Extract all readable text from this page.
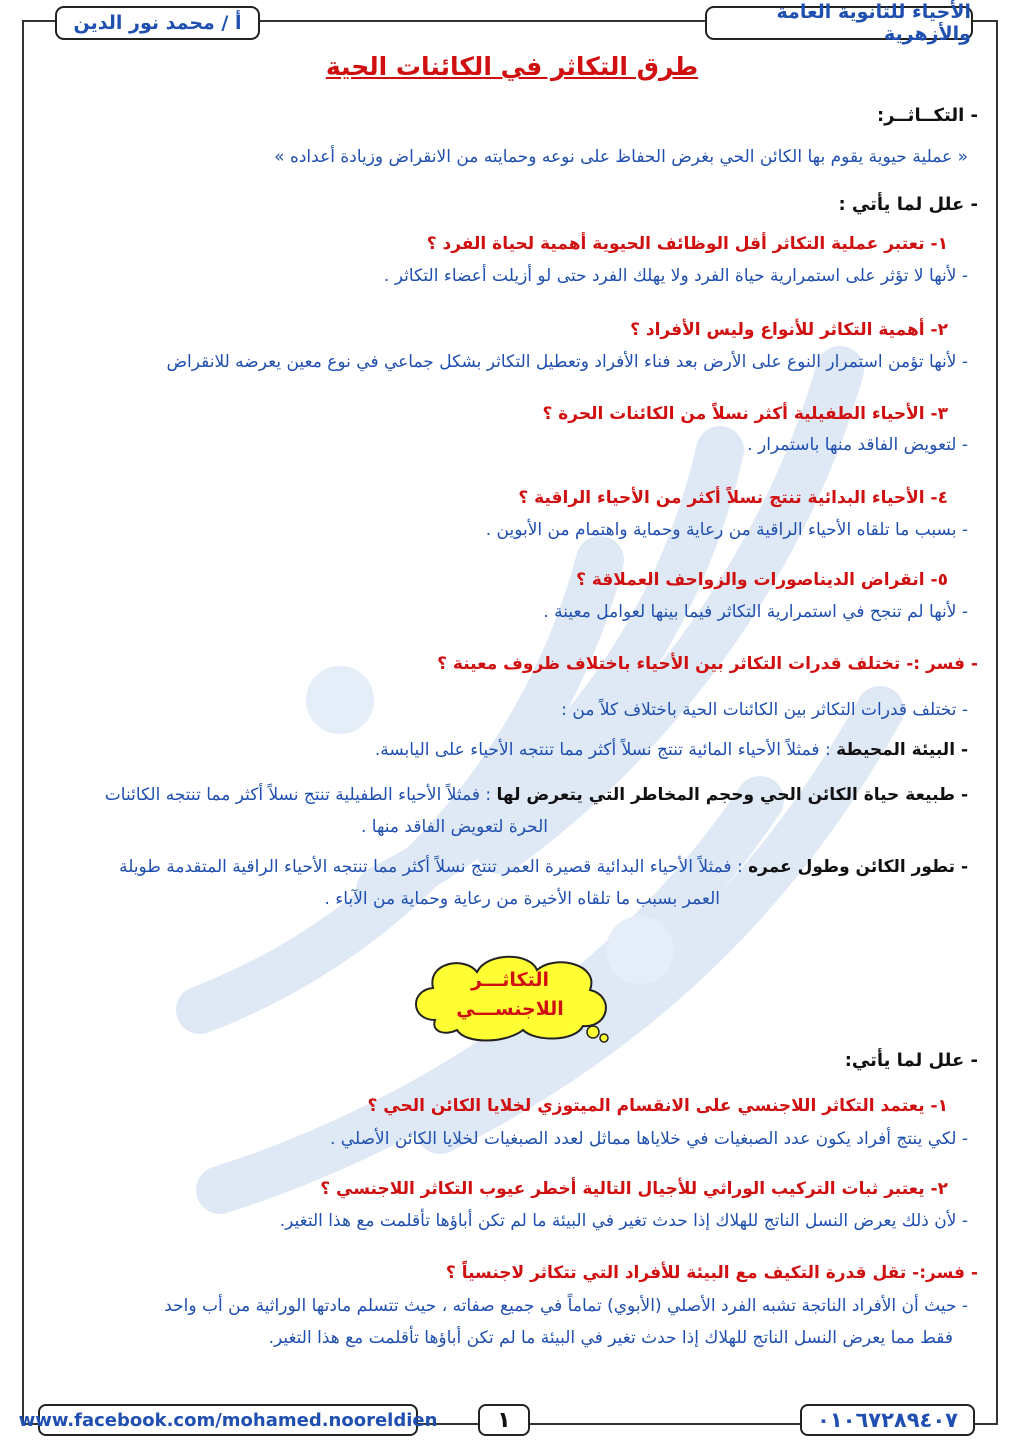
الأحياء للثانوية العامة والأزهرية
أ / محمد نور الدين
طرق التكاثر في الكائنات الحية
- التكــاثــر:
« عملية حيوية يقوم بها الكائن الحي بغرض الحفاظ على نوعه وحمايته من الانقراض وزيادة أعداده »
- علل لما يأتي :
١- تعتبر عملية التكاثر أقل الوظائف الحيوية أهمية لحياة الفرد ؟
- لأنها لا تؤثر على استمرارية حياة الفرد ولا يهلك الفرد حتى لو أزيلت أعضاء التكاثر .
٢- أهمية التكاثر للأنواع وليس الأفراد ؟
- لأنها تؤمن استمرار النوع على الأرض بعد فناء الأفراد وتعطيل التكاثر بشكل جماعي في نوع معين يعرضه للانقراض
٣- الأحياء الطفيلية أكثر نسلاً من الكائنات الحرة ؟
- لتعويض الفاقد منها باستمرار .
٤- الأحياء البدائية تنتج نسلاً أكثر من الأحياء الراقية ؟
- بسبب ما تلقاه الأحياء الراقية من رعاية وحماية واهتمام من الأبوين .
٥- انقراض الديناصورات والزواحف العملاقة ؟
- لأنها لم تنجح في استمرارية التكاثر فيما بينها لعوامل معينة .
- فسر :- تختلف قدرات التكاثر بين الأحياء باختلاف ظروف معينة ؟
- تختلف قدرات التكاثر بين الكائنات الحية باختلاف كلاً من :
- البيئة المحيطة : فمثلاً الأحياء المائية تنتج نسلاً أكثر مما تنتجه الأحياء على اليابسة.
- طبيعة حياة الكائن الحي وحجم المخاطر التي يتعرض لها : فمثلاً الأحياء الطفيلية تنتج نسلاً أكثر مما تنتجه الكائنات
الحرة لتعويض الفاقد منها .
- تطور الكائن وطول عمره : فمثلاً الأحياء البدائية قصيرة العمر تنتج نسلاً أكثر مما تنتجه الأحياء الراقية المتقدمة طويلة
العمر بسبب ما تلقاه الأخيرة من رعاية وحماية من الآباء .
التكاثـــر
اللاجنســـي
- علل لما يأتي:
١- يعتمد التكاثر اللاجنسي على الانقسام الميتوزي لخلايا الكائن الحي ؟
- لكي ينتج أفراد يكون عدد الصبغيات في خلاياها مماثل لعدد الصبغيات لخلايا الكائن الأصلي .
٢- يعتبر ثبات التركيب الوراثي للأجيال التالية أخطر عيوب التكاثر اللاجنسي ؟
- لأن ذلك يعرض النسل الناتج للهلاك إذا حدث تغير في البيئة ما لم تكن أباؤها تأقلمت مع هذا التغير.
- فسر:- تقل قدرة التكيف مع البيئة للأفراد التي تتكاثر لاجنسياً ؟
- حيث أن الأفراد الناتجة تشبه الفرد الأصلي (الأبوي) تماماً في جميع صفاته ، حيث تتسلم مادتها الوراثية من أب واحد
فقط مما يعرض النسل الناتج للهلاك إذا حدث تغير في البيئة ما لم تكن أباؤها تأقلمت مع هذا التغير.
www.facebook.com/mohamed.nooreldien	١	٠١٠٦٧٢٨٩٤٠٧
